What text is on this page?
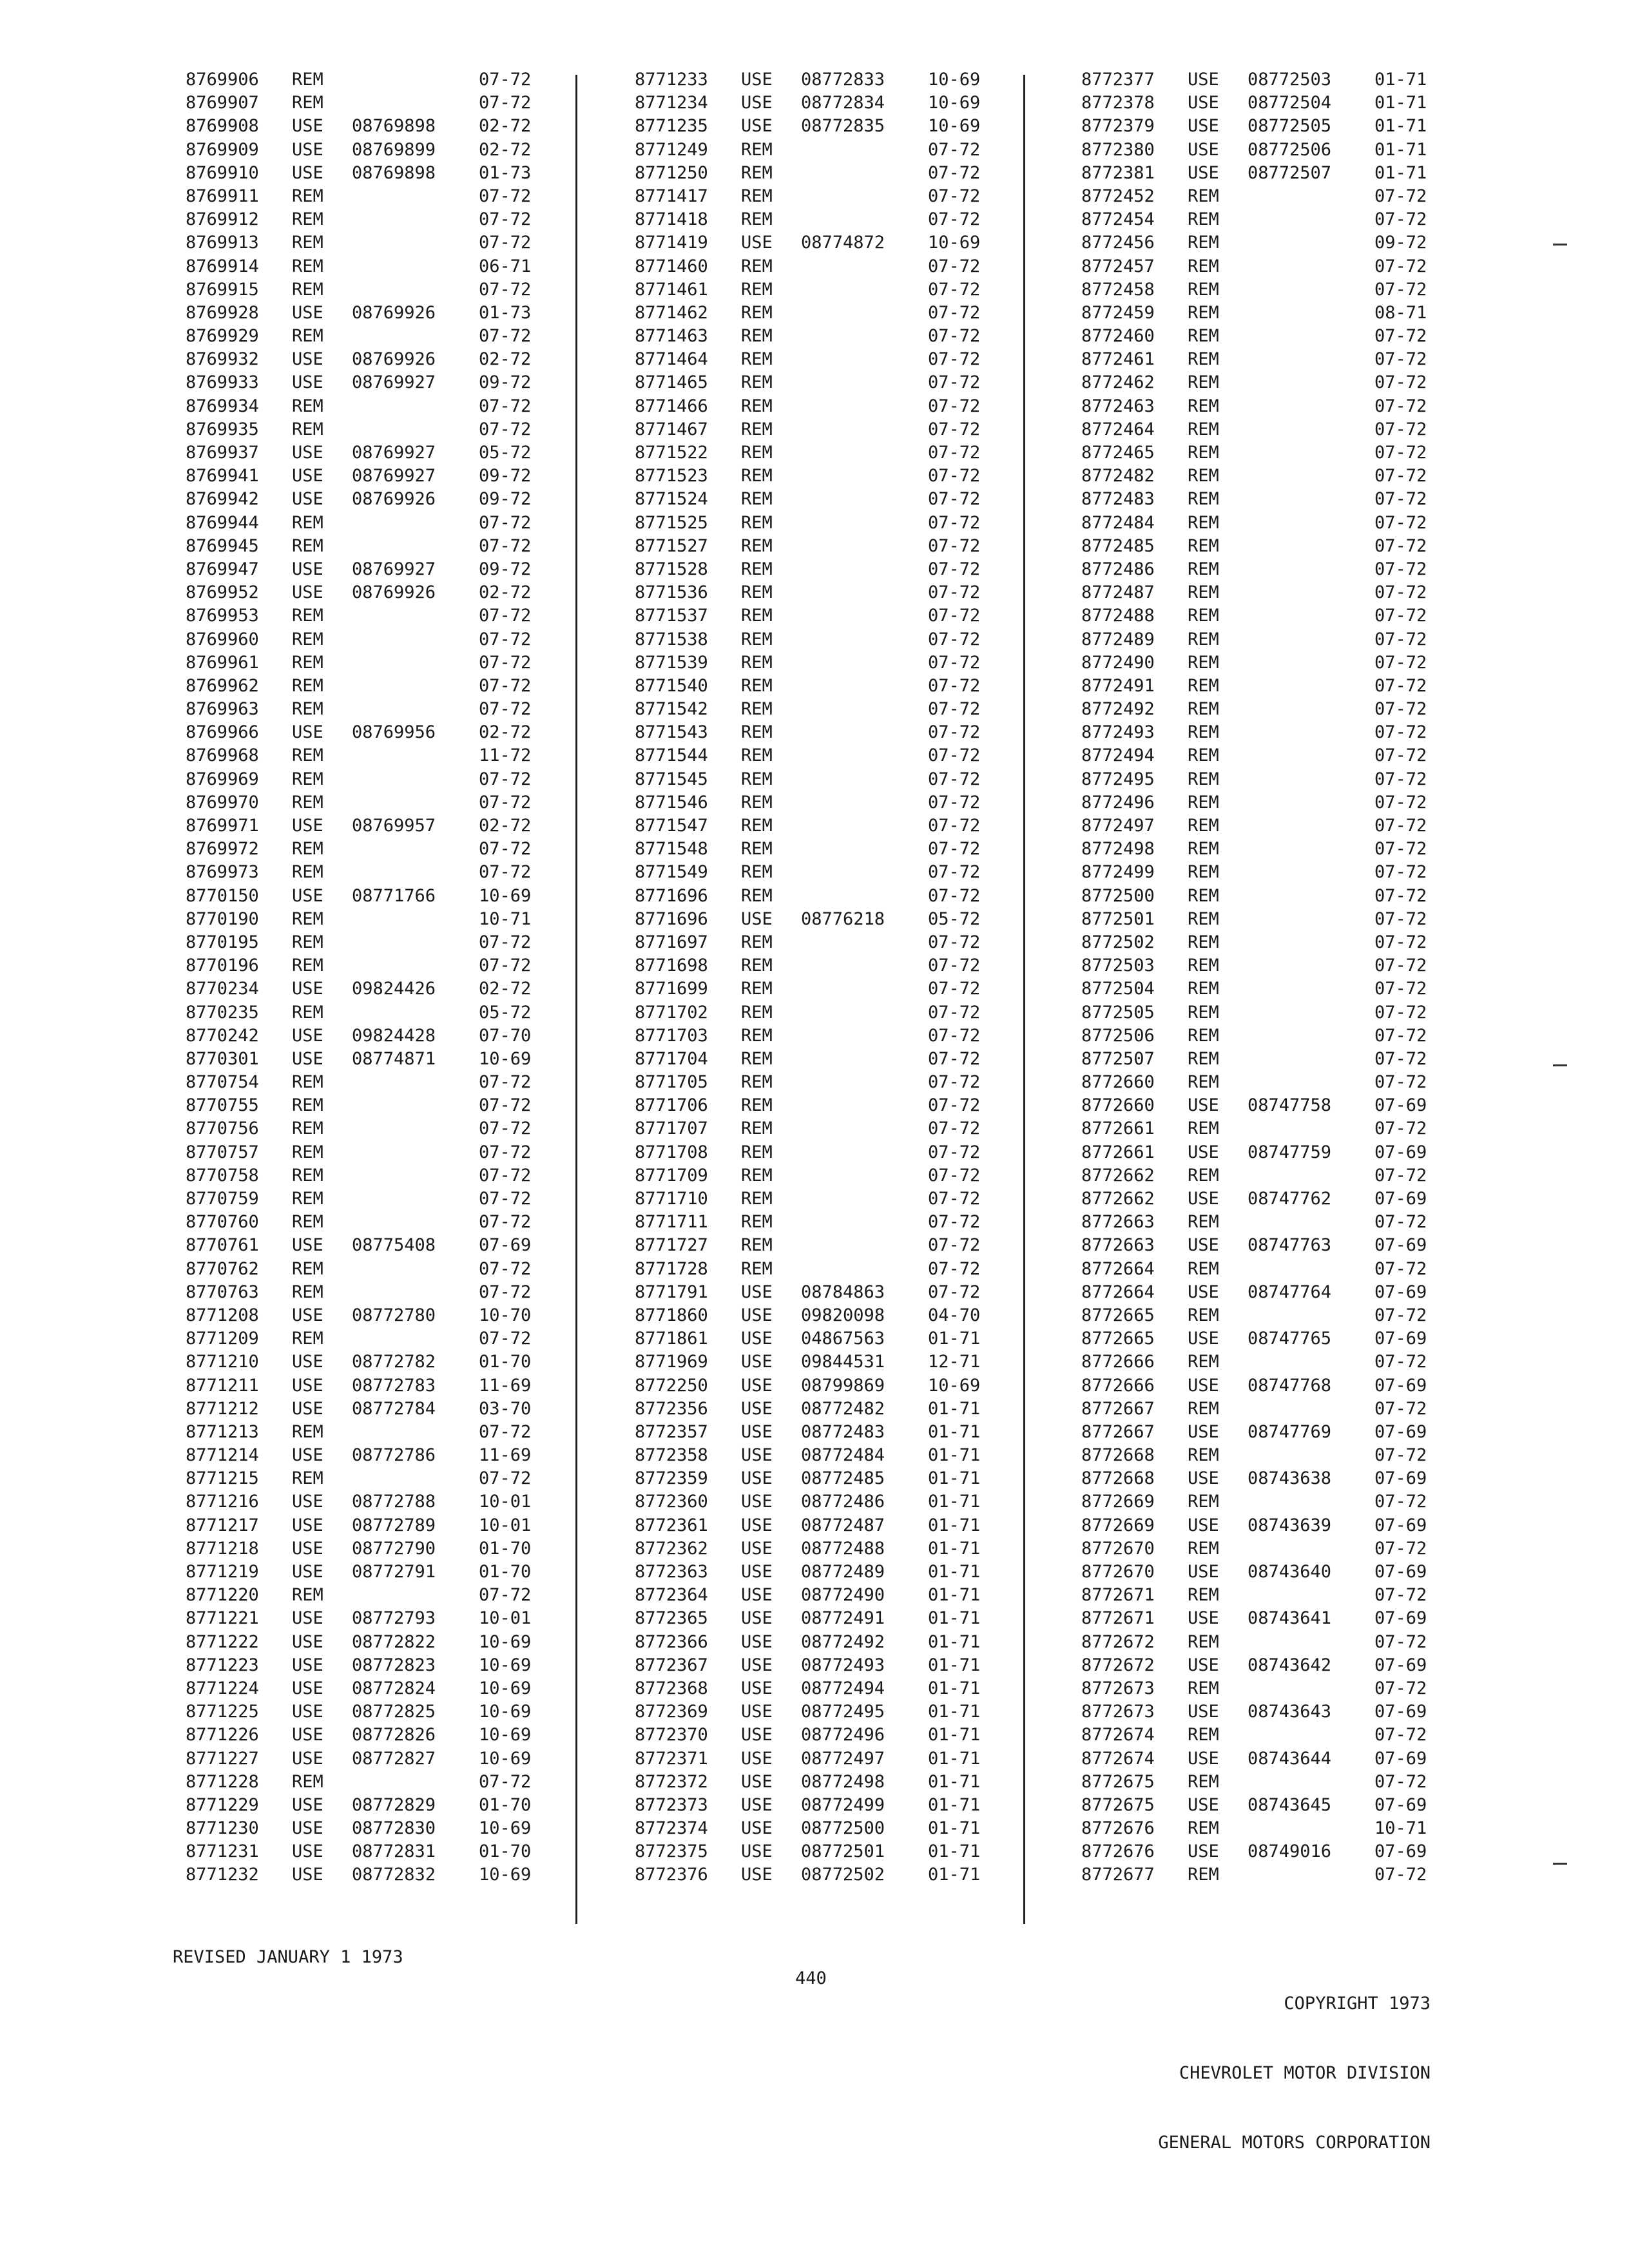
8769906 REM	07-72
8769907 REM	07-72
8769908 USE 08769898 02-72
8769909 USE 08769899 02-72
8769910 USE 08769898 01-73
8769911 REM	07-72
8769912 REM	07-72
8769913 REM	07-72
8769914 REM	06-71
8769915 REM	07-72
8769928 USE 08769926 01-73
8769929 REM	07-72
8769932 USE 08769926 02-72
8769933 USE 08769927 09-72
8769934 REM	07-72
8769935 REM	07-72
8769937 USE 08769927 05-72
8769941 USE 08769927 09-72
8769942 USE 08769926 09-72
8769944 REM	07-72
8769945 REM	07-72
8769947 USE 08769927 09-72
8769952 USE 08769926 02-72
8769953 REM	07-72
8769960 REM	07-72
8769961 REM	07-72
8769962 REM	07-72
8769963 REM	07-72
8769966 USE 08769956 02-72
8769968 REM	11-72
8769969 REM	07-72
8769970 REM	07-72
8769971 USE 08769957 02-72
8769972 REM	07-72
8769973 REM	07-72
8770150 USE 08771766 10-69
8770190 REM	10-71
8770195 REM	07-72
8770196 REM	07-72
8770234 USE 09824426 02-72
8770235 REM	05-72
8770242 USE 09824428 07-70
8770301 USE 08774871 10-69
8770754 REM	07-72
8770755 REM	07-72
8770756 REM	07-72
8770757 REM	07-72
8770758 REM	07-72
8770759 REM	07-72
8770760 REM	07-72
8770761 USE 08775408 07-69
8770762 REM	07-72
8770763 REM	07-72
8771208 USE 08772780 10-70
8771209 REM	07-72
8771210 USE 08772782 01-70
8771211 USE 08772783 11-69
8771212 USE 08772784 03-70
8771213 REM	07-72
8771214 USE 08772786 11-69
8771215 REM	07-72
8771216 USE 08772788 10-01
8771217 USE 08772789 10-01
8771218 USE 08772790 01-70
8771219 USE 08772791 01-70
8771220 REM	07-72
8771221 USE 08772793 10-01
8771222 USE 08772822 10-69
8771223 USE 08772823 10-69
8771224 USE 08772824 10-69
8771225 USE 08772825 10-69
8771226 USE 08772826 10-69
8771227 USE 08772827 10-69
8771228 REM	07-72
8771229 USE 08772829 01-70
8771230 USE 08772830 10-69
8771231 USE 08772831 01-70
8771232 USE 08772832 10-69
8771233 USE 08772833 10-69
8771234 USE 08772834 10-69
8771235 USE 08772835 10-69
8771249 REM	07-72
8771250 REM	07-72
8771417 REM	07-72
8771418 REM	07-72
8771419 USE 08774872 10-69
8771460 REM	07-72
8771461 REM	07-72
8771462 REM	07-72
8771463 REM	07-72
8771464 REM	07-72
8771465 REM	07-72
8771466 REM	07-72
8771467 REM	07-72
8771522 REM	07-72
8771523 REM	07-72
8771524 REM	07-72
8771525 REM	07-72
8771527 REM	07-72
8771528 REM	07-72
8771536 REM	07-72
8771537 REM	07-72
8771538 REM	07-72
8771539 REM	07-72
8771540 REM	07-72
8771542 REM	07-72
8771543 REM	07-72
8771544 REM	07-72
8771545 REM	07-72
8771546 REM	07-72
8771547 REM	07-72
8771548 REM	07-72
8771549 REM	07-72
8771696 REM	07-72
8771696 USE 08776218 05-72
8771697 REM	07-72
8771698 REM	07-72
8771699 REM	07-72
8771702 REM	07-72
8771703 REM	07-72
8771704 REM	07-72
8771705 REM	07-72
8771706 REM	07-72
8771707 REM	07-72
8771708 REM	07-72
8771709 REM	07-72
8771710 REM	07-72
8771711 REM	07-72
8771727 REM	07-72
8771728 REM	07-72
8771791 USE 08784863 07-72
8771860 USE 09820098 04-70
8771861 USE 04867563 01-71
8771969 USE 09844531 12-71
8772250 USE 08799869 10-69
8772356 USE 08772482 01-71
8772357 USE 08772483 01-71
8772358 USE 08772484 01-71
8772359 USE 08772485 01-71
8772360 USE 08772486 01-71
8772361 USE 08772487 01-71
8772362 USE 08772488 01-71
8772363 USE 08772489 01-71
8772364 USE 08772490 01-71
8772365 USE 08772491 01-71
8772366 USE 08772492 01-71
8772367 USE 08772493 01-71
8772368 USE 08772494 01-71
8772369 USE 08772495 01-71
8772370 USE 08772496 01-71
8772371 USE 08772497 01-71
8772372 USE 08772498 01-71
8772373 USE 08772499 01-71
8772374 USE 08772500 01-71
8772375 USE 08772501 01-71
8772376 USE 08772502 01-71
8772377 USE 08772503 01-71
8772378 USE 08772504 01-71
8772379 USE 08772505 01-71
8772380 USE 08772506 01-71
8772381 USE 08772507 01-71
8772452 REM	07-72
8772454 REM	07-72
8772456 REM	09-72
8772457 REM	07-72
8772458 REM	07-72
8772459 REM	08-71
8772460 REM	07-72
8772461 REM	07-72
8772462 REM	07-72
8772463 REM	07-72
8772464 REM	07-72
8772465 REM	07-72
8772482 REM	07-72
8772483 REM	07-72
8772484 REM	07-72
8772485 REM	07-72
8772486 REM	07-72
8772487 REM	07-72
8772488 REM	07-72
8772489 REM	07-72
8772490 REM	07-72
8772491 REM	07-72
8772492 REM	07-72
8772493 REM	07-72
8772494 REM	07-72
8772495 REM	07-72
8772496 REM	07-72
8772497 REM	07-72
8772498 REM	07-72
8772499 REM	07-72
8772500 REM	07-72
8772501 REM	07-72
8772502 REM	07-72
8772503 REM	07-72
8772504 REM	07-72
8772505 REM	07-72
8772506 REM	07-72
8772507 REM	07-72
8772660 REM	07-72
8772660 USE 08747758 07-69
8772661 REM	07-72
8772661 USE 08747759 07-69
8772662 REM	07-72
8772662 USE 08747762 07-69
8772663 REM	07-72
8772663 USE 08747763 07-69
8772664 REM	07-72
8772664 USE 08747764 07-69
8772665 REM	07-72
8772665 USE 08747765 07-69
8772666 REM	07-72
8772666 USE 08747768 07-69
8772667 REM	07-72
8772667 USE 08747769 07-69
8772668 REM	07-72
8772668 USE 08743638 07-69
8772669 REM	07-72
8772669 USE 08743639 07-69
8772670 REM	07-72
8772670 USE 08743640 07-69
8772671 REM	07-72
8772671 USE 08743641 07-69
8772672 REM	07-72
8772672 USE 08743642 07-69
8772673 REM	07-72
8772673 USE 08743643 07-69
8772674 REM	07-72
8772674 USE 08743644 07-69
8772675 REM	07-72
8772675 USE 08743645 07-69
8772676 REM	10-71
8772676 USE 08749016 07-69
8772677 REM	07-72
REVISED JANUARY 1 1973
440

COPYRIGHT 1973

CHEVROLET MOTOR DIVISION

GENERAL MOTORS CORPORATION
